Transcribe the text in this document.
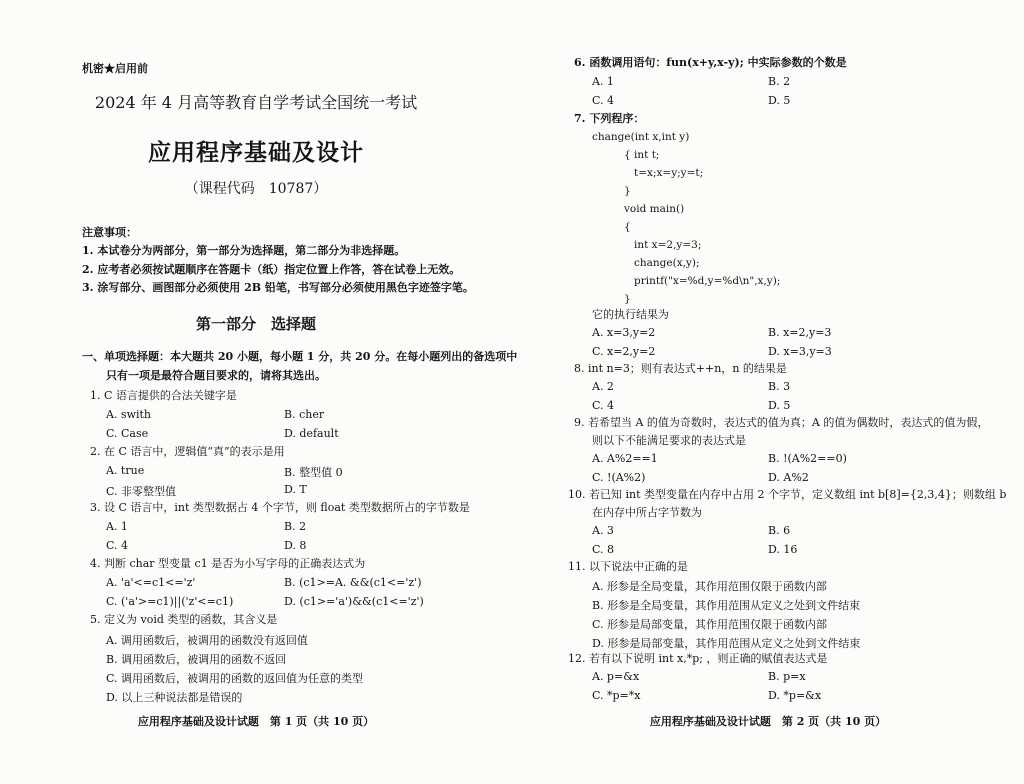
机密★启用前
2024 年 4 月高等教育自学考试全国统一考试
应用程序基础及设计
（课程代码　10787）
注意事项：
1. 本试卷分为两部分，第一部分为选择题，第二部分为非选择题。
2. 应考者必须按试题顺序在答题卡（纸）指定位置上作答，答在试卷上无效。
3. 涂写部分、画图部分必须使用 2B 铅笔，书写部分必须使用黑色字迹签字笔。
第一部分　选择题
一、单项选择题：本大题共 20 小题，每小题 1 分，共 20 分。在每小题列出的备选项中
只有一项是最符合题目要求的，请将其选出。
1. C 语言提供的合法关键字是
A. swith	B. cher
C. Case	D. default
2. 在 C 语言中，逻辑值“真”的表示是用
A. true	B. 整型值 0
C. 非零整型值	D. T
3. 设 C 语言中，int 类型数据占 4 个字节，则 float 类型数据所占的字节数是
A. 1	B. 2
C. 4	D. 8
4. 判断 char 型变量 c1 是否为小写字母的正确表达式为
A. 'a'<=c1<='z'	B. (c1>=A. &&(c1<='z')
C. ('a'>=c1)||('z'<=c1)	D. (c1>='a')&&(c1<='z')
5. 定义为 void 类型的函数，其含义是
A. 调用函数后，被调用的函数没有返回值
B. 调用函数后，被调用的函数不返回
C. 调用函数后，被调用的函数的返回值为任意的类型
D. 以上三种说法都是错误的
应用程序基础及设计试题　第 1 页（共 10 页）
6. 函数调用语句：fun(x+y,x-y); 中实际参数的个数是
A. 1	B. 2
C. 4	D. 5
7. 下列程序：
change(int x,int y)
{ int t;
t=x;x=y;y=t;
}
void main()
{
int x=2,y=3;
change(x,y);
printf("x=%d,y=%d\n",x,y);
}
它的执行结果为
A. x=3,y=2	B. x=2,y=3
C. x=2,y=2	D. x=3,y=3
8. int n=3；则有表达式++n，n 的结果是
A. 2	B. 3
C. 4	D. 5
9. 若希望当 A 的值为奇数时，表达式的值为真；A 的值为偶数时，表达式的值为假，
则以下不能满足要求的表达式是
A. A%2==1	B. !(A%2==0)
C. !(A%2)	D. A%2
10. 若已知 int 类型变量在内存中占用 2 个字节，定义数组 int b[8]={2,3,4}；则数组 b
在内存中所占字节数为
A. 3	B. 6
C. 8	D. 16
11. 以下说法中正确的是
A. 形参是全局变量，其作用范围仅限于函数内部
B. 形参是全局变量，其作用范围从定义之处到文件结束
C. 形参是局部变量，其作用范围仅限于函数内部
D. 形参是局部变量，其作用范围从定义之处到文件结束
12. 若有以下说明 int x,*p; ，则正确的赋值表达式是
A. p=&x	B. p=x
C. *p=*x	D. *p=&x
应用程序基础及设计试题　第 2 页（共 10 页）
